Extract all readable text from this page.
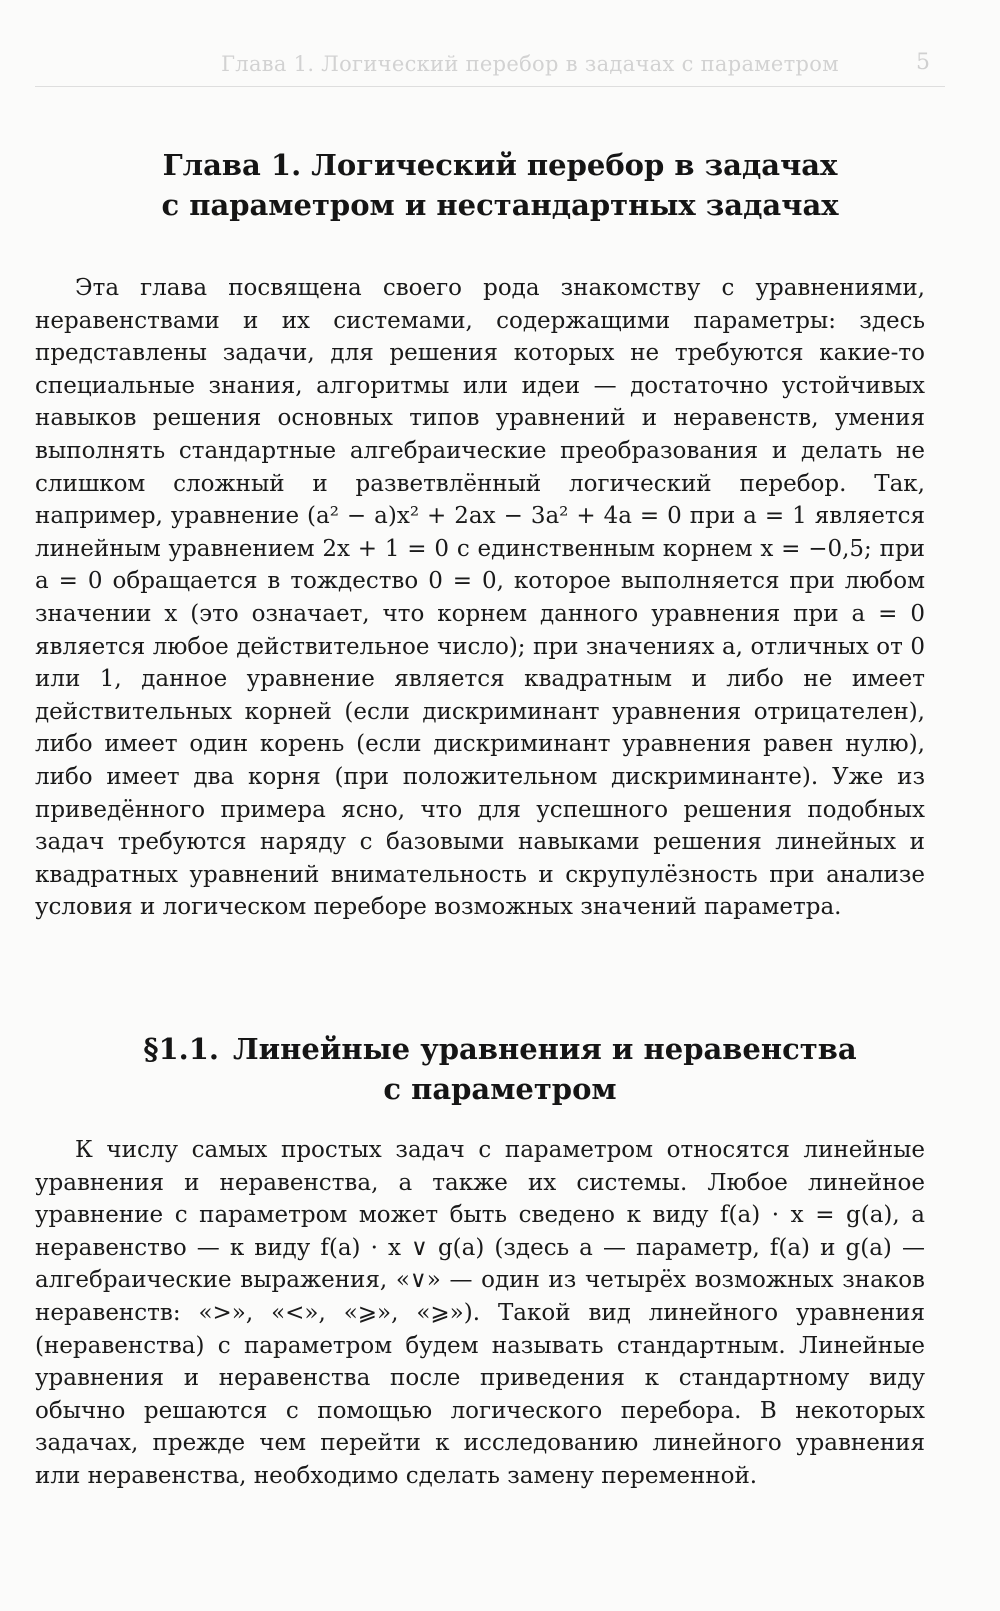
Глава 1. Логический перебор в задачах с параметром	5
Глава 1. Логический перебор в задачах
с параметром и нестандартных задачах

Эта глава посвящена своего рода знакомству с уравнениями, неравенствами и их системами, содержащими параметры: здесь представлены задачи, для решения которых не требуются какие-то специальные знания, алгоритмы или идеи — достаточно устойчивых навыков решения основных типов уравнений и неравенств, умения выполнять стандартные алгебраические преобразования и делать не слишком сложный и разветвлённый логический перебор. Так, например, уравнение (a² − a)x² + 2ax − 3a² + 4a = 0 при a = 1 является линейным уравнением 2x + 1 = 0 с единственным корнем x = −0,5; при a = 0 обращается в тождество 0 = 0, которое выполняется при любом значении x (это означает, что корнем данного уравнения при a = 0 является любое действительное число); при значениях a, отличных от 0 или 1, данное уравнение является квадратным и либо не имеет действительных корней (если дискриминант уравнения отрицателен), либо имеет один корень (если дискриминант уравнения равен нулю), либо имеет два корня (при положительном дискриминанте). Уже из приведённого примера ясно, что для успешного решения подобных задач требуются наряду с базовыми навыками решения линейных и квадратных уравнений внимательность и скрупулёзность при анализе условия и логическом переборе возможных значений параметра.

§1.1. Линейные уравнения и неравенства
с параметром

К числу самых простых задач с параметром относятся линейные уравнения и неравенства, а также их системы. Любое линейное уравнение с параметром может быть сведено к виду f(a) · x = g(a), а неравенство — к виду f(a) · x ∨ g(a) (здесь a — параметр, f(a) и g(a) — алгебраические выражения, «∨» — один из четырёх возможных знаков неравенств: «>», «<», «⩾», «⩾»). Такой вид линейного уравнения (неравенства) с параметром будем называть стандартным. Линейные уравнения и неравенства после приведения к стандартному виду обычно решаются с помощью логического перебора. В некоторых задачах, прежде чем перейти к исследованию линейного уравнения или неравенства, необходимо сделать замену переменной.
